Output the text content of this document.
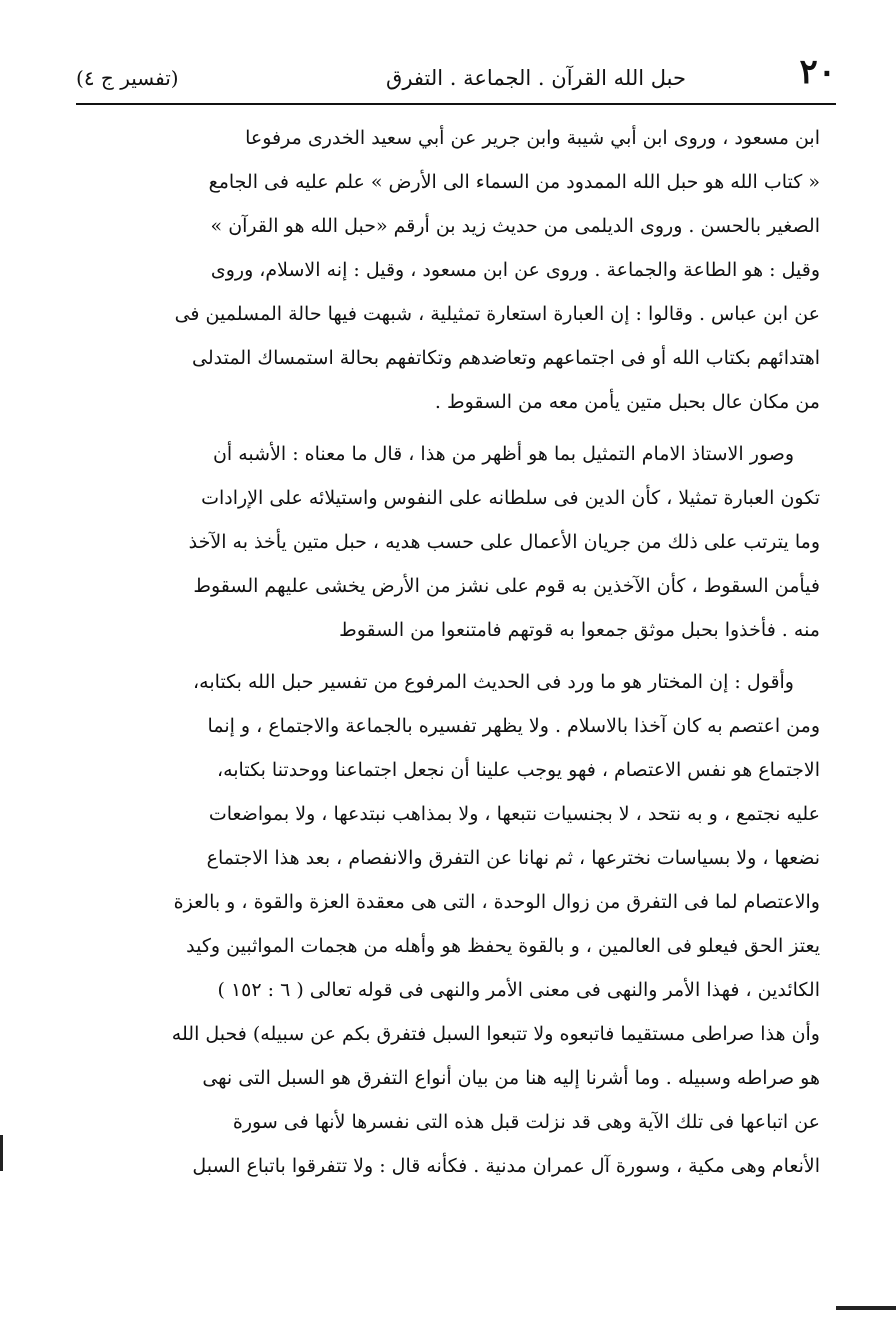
٢٠
حبل الله القرآن . الجماعة . التفرق
(تفسير ج ٤)
ابن مسعود ، وروى ابن أبي شيبة وابن جرير عن أبي سعيد الخدرى مرفوعا
« كتاب الله هو حبل الله الممدود من السماء الى الأرض » علم عليه فى الجامع
الصغير بالحسن . وروى الديلمى من حديث زيد بن أرقم «حبل الله هو القرآن »
وقيل : هو الطاعة والجماعة . وروى عن ابن مسعود ، وقيل : إنه الاسلام، وروى
عن ابن عباس . وقالوا : إن العبارة استعارة تمثيلية ، شبهت فيها حالة المسلمين فى
اهتدائهم بكتاب الله أو فى اجتماعهم وتعاضدهم وتكاتفهم بحالة استمساك المتدلى
من مكان عال بحبل متين يأمن معه من السقوط .
وصور الاستاذ الامام التمثيل بما هو أظهر من هذا ، قال ما معناه : الأشبه أن
تكون العبارة تمثيلا ، كأن الدين فى سلطانه على النفوس واستيلائه على الإرادات
وما يترتب على ذلك من جريان الأعمال على حسب هديه ، حبل متين يأخذ به الآخذ
فيأمن السقوط ، كأن الآخذين به قوم على نشز من الأرض يخشى عليهم السقوط
منه . فأخذوا بحبل موثق جمعوا به قوتهم فامتنعوا من السقوط
وأقول : إن المختار هو ما ورد فى الحديث المرفوع من تفسير حبل الله بكتابه،
ومن اعتصم به كان آخذا بالاسلام . ولا يظهر تفسيره بالجماعة والاجتماع ، و إنما
الاجتماع هو نفس الاعتصام ، فهو يوجب علينا أن نجعل اجتماعنا ووحدتنا بكتابه،
عليه نجتمع ، و به نتحد ، لا بجنسيات نتبعها ، ولا بمذاهب نبتدعها ، ولا بمواضعات
نضعها ، ولا بسياسات نخترعها ، ثم نهانا عن التفرق والانفصام ، بعد هذا الاجتماع
والاعتصام لما فى التفرق من زوال الوحدة ، التى هى معقدة العزة والقوة ، و بالعزة
يعتز الحق فيعلو فى العالمين ، و بالقوة يحفظ هو وأهله من هجمات المواثبين وكيد
الكائدين ، فهذا الأمر والنهى فى معنى الأمر والنهى فى قوله تعالى ( ٦ : ١٥٢ )
وأن هذا صراطى مستقيما فاتبعوه ولا تتبعوا السبل فتفرق بكم عن سبيله) فحبل الله
هو صراطه وسبيله . وما أشرنا إليه هنا من بيان أنواع التفرق هو السبل التى نهى
عن اتباعها فى تلك الآية وهى قد نزلت قبل هذه التى نفسرها لأنها فى سورة
الأنعام وهى مكية ، وسورة آل عمران مدنية . فكأنه قال : ولا تتفرقوا باتباع السبل
